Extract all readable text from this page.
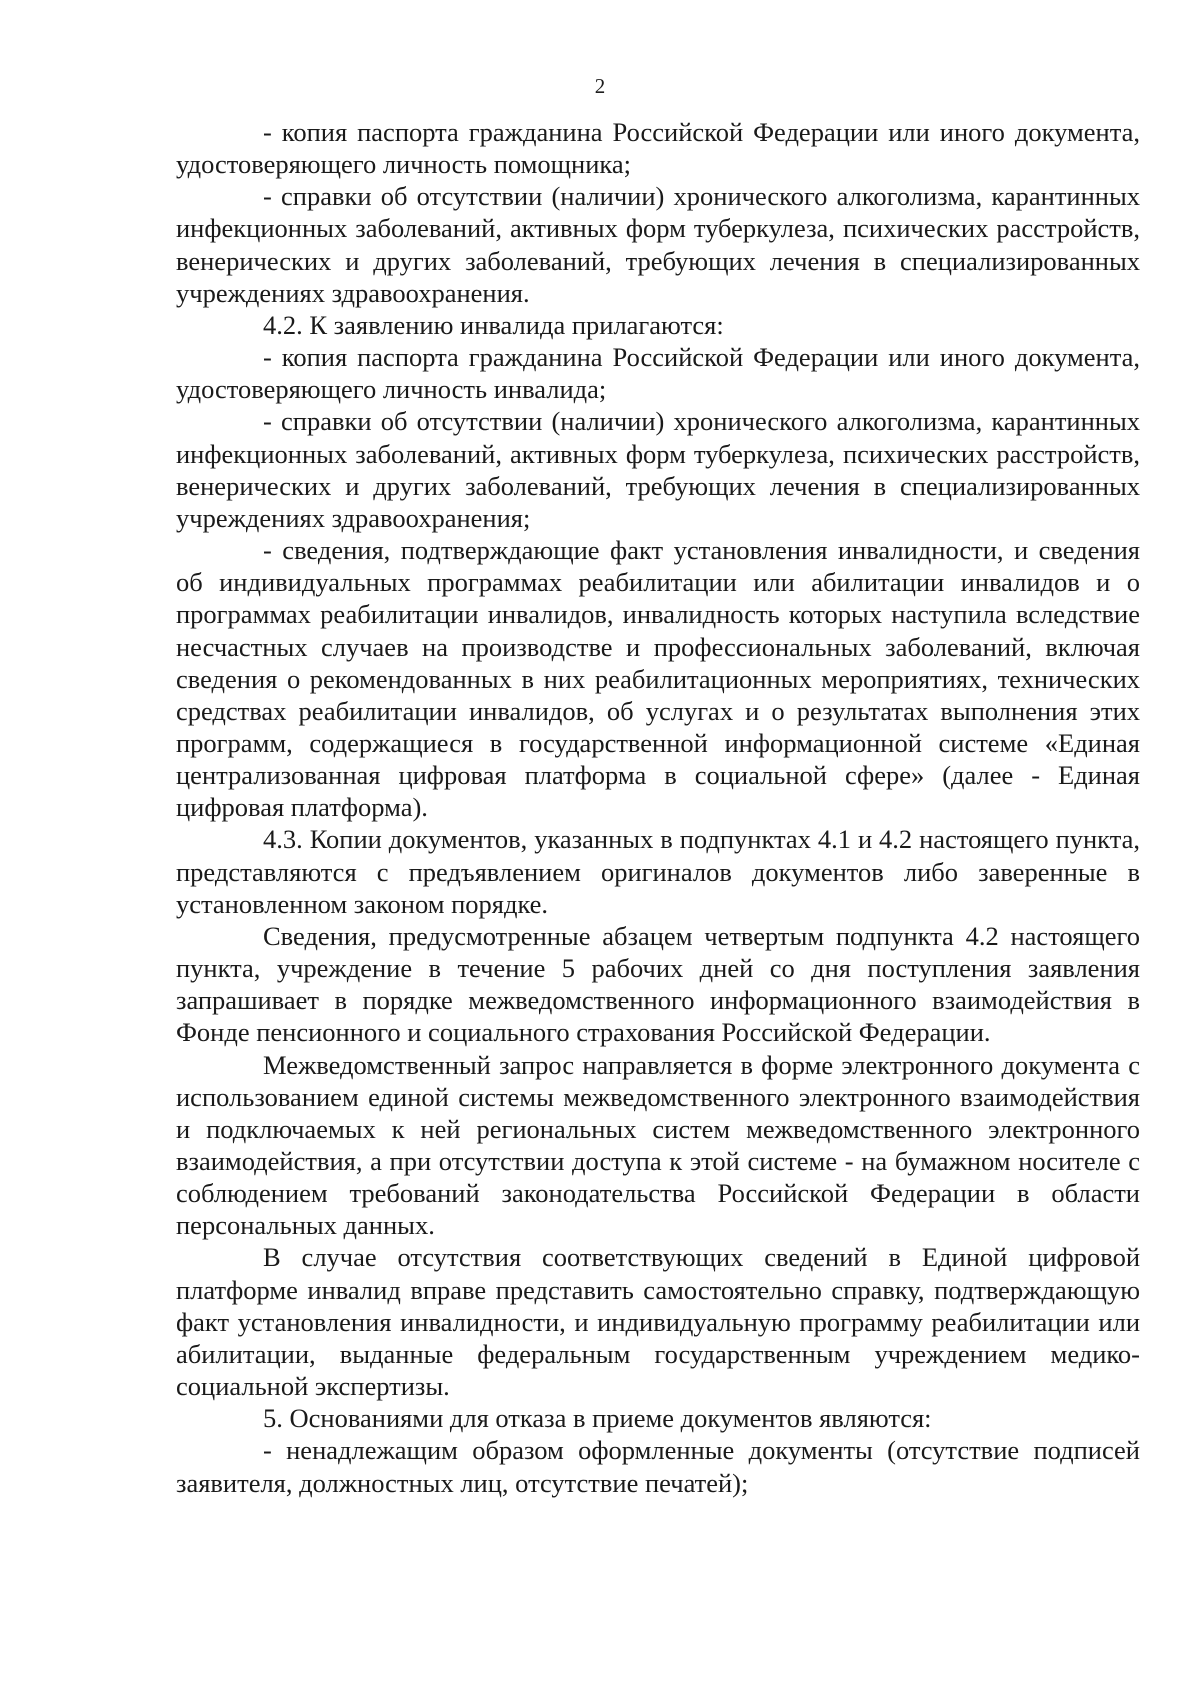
2

- копия паспорта гражданина Российской Федерации или иного документа, удостоверяющего личность помощника;

- справки об отсутствии (наличии) хронического алкоголизма, карантинных инфекционных заболеваний, активных форм туберкулеза, психических расстройств, венерических и других заболеваний, требующих лечения в специализированных учреждениях здравоохранения.

4.2. К заявлению инвалида прилагаются:

- копия паспорта гражданина Российской Федерации или иного документа, удостоверяющего личность инвалида;

- справки об отсутствии (наличии) хронического алкоголизма, карантинных инфекционных заболеваний, активных форм туберкулеза, психических расстройств, венерических и других заболеваний, требующих лечения в специализированных учреждениях здравоохранения;

- сведения, подтверждающие факт установления инвалидности, и сведения об индивидуальных программах реабилитации или абилитации инвалидов и о программах реабилитации инвалидов, инвалидность которых наступила вследствие несчастных случаев на производстве и профессиональных заболеваний, включая сведения о рекомендованных в них реабилитационных мероприятиях, технических средствах реабилитации инвалидов, об услугах и о результатах выполнения этих программ, содержащиеся в государственной информационной системе «Единая централизованная цифровая платформа в социальной сфере» (далее - Единая цифровая платформа).

4.3. Копии документов, указанных в подпунктах 4.1 и 4.2 настоящего пункта, представляются с предъявлением оригиналов документов либо заверенные в установленном законом порядке.

Сведения, предусмотренные абзацем четвертым подпункта 4.2 настоящего пункта, учреждение в течение 5 рабочих дней со дня поступления заявления запрашивает в порядке межведомственного информационного взаимодействия в Фонде пенсионного и социального страхования Российской Федерации.

Межведомственный запрос направляется в форме электронного документа с использованием единой системы межведомственного электронного взаимодействия и подключаемых к ней региональных систем межведомственного электронного взаимодействия, а при отсутствии доступа к этой системе - на бумажном носителе с соблюдением требований законодательства Российской Федерации в области персональных данных.

В случае отсутствия соответствующих сведений в Единой цифровой платформе инвалид вправе представить самостоятельно справку, подтверждающую факт установления инвалидности, и индивидуальную программу реабилитации или абилитации, выданные федеральным государственным учреждением медико-социальной экспертизы.

5. Основаниями для отказа в приеме документов являются:

- ненадлежащим образом оформленные документы (отсутствие подписей заявителя, должностных лиц, отсутствие печатей);
